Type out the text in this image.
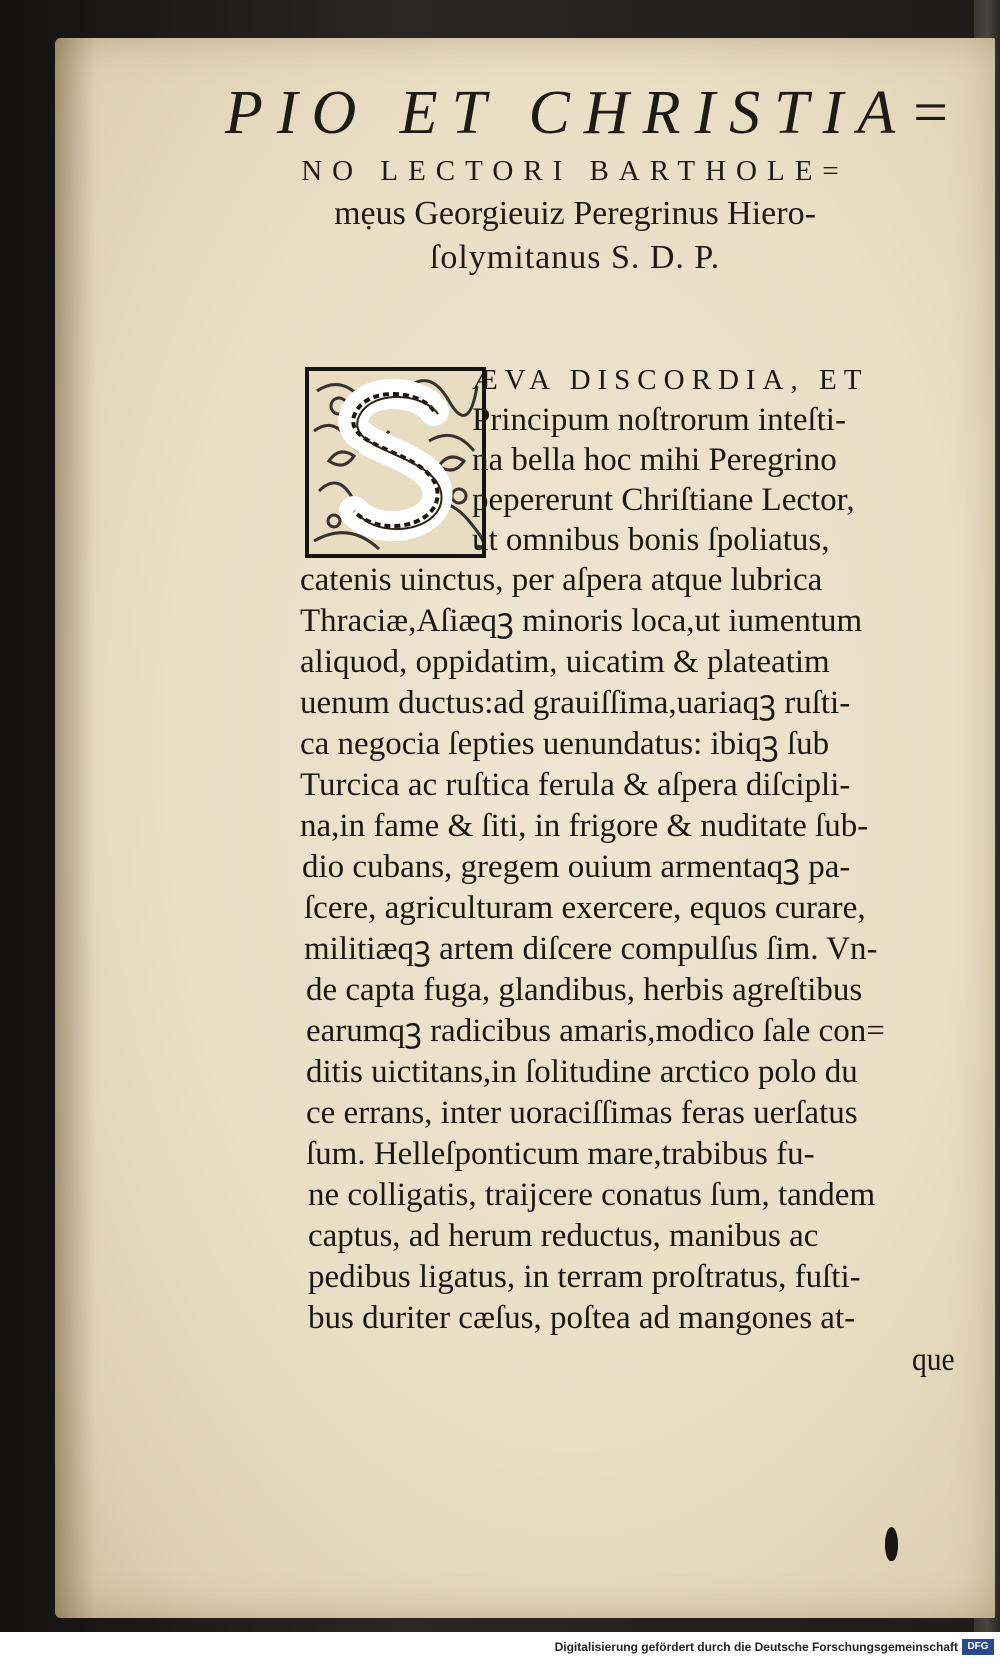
PIO ET CHRISTIA=
NO LECTORI BARTHOLE=
mẹus Georgieuiz Peregrinus Hiero-
ſolymitanus S. D. P.
ÆVA DISCORDIA, ET
Principum noſtrorum inteſti-
na bella hoc mihi Peregrino
pepererunt Chriſtiane Lector,
ut omnibus bonis ſpoliatus,
catenis uinctus, per aſpera atque lubrica
Thraciæ,Aſiæqꝫ minoris loca,ut iumentum
aliquod, oppidatim, uicatim & plateatim
uenum ductus:ad grauiſſima,uariaqꝫ ruſti-
ca negocia ſepties uenundatus: ibiqꝫ ſub
Turcica ac ruſtica ferula & aſpera diſcipli-
na,in fame & ſiti, in frigore & nuditate ſub-
dio cubans, gregem ouium armentaqꝫ pa-
ſcere, agriculturam exercere, equos curare,
militiæqꝫ artem diſcere compulſus ſim. Vn-
de capta fuga, glandibus, herbis agreſtibus
earumqꝫ radicibus amaris,modico ſale con=
ditis uictitans,in ſolitudine arctico polo du
ce errans, inter uoraciſſimas feras uerſatus
ſum. Helleſponticum mare,trabibus fu-
ne colligatis, traĳcere conatus ſum, tandem
captus, ad herum reductus, manibus ac
pedibus ligatus, in terram proſtratus, fuſti-
bus duriter cæſus, poſtea ad mangones at-
que
Digitalisierung gefördert durch die Deutsche Forschungsgemeinschaft DFG
